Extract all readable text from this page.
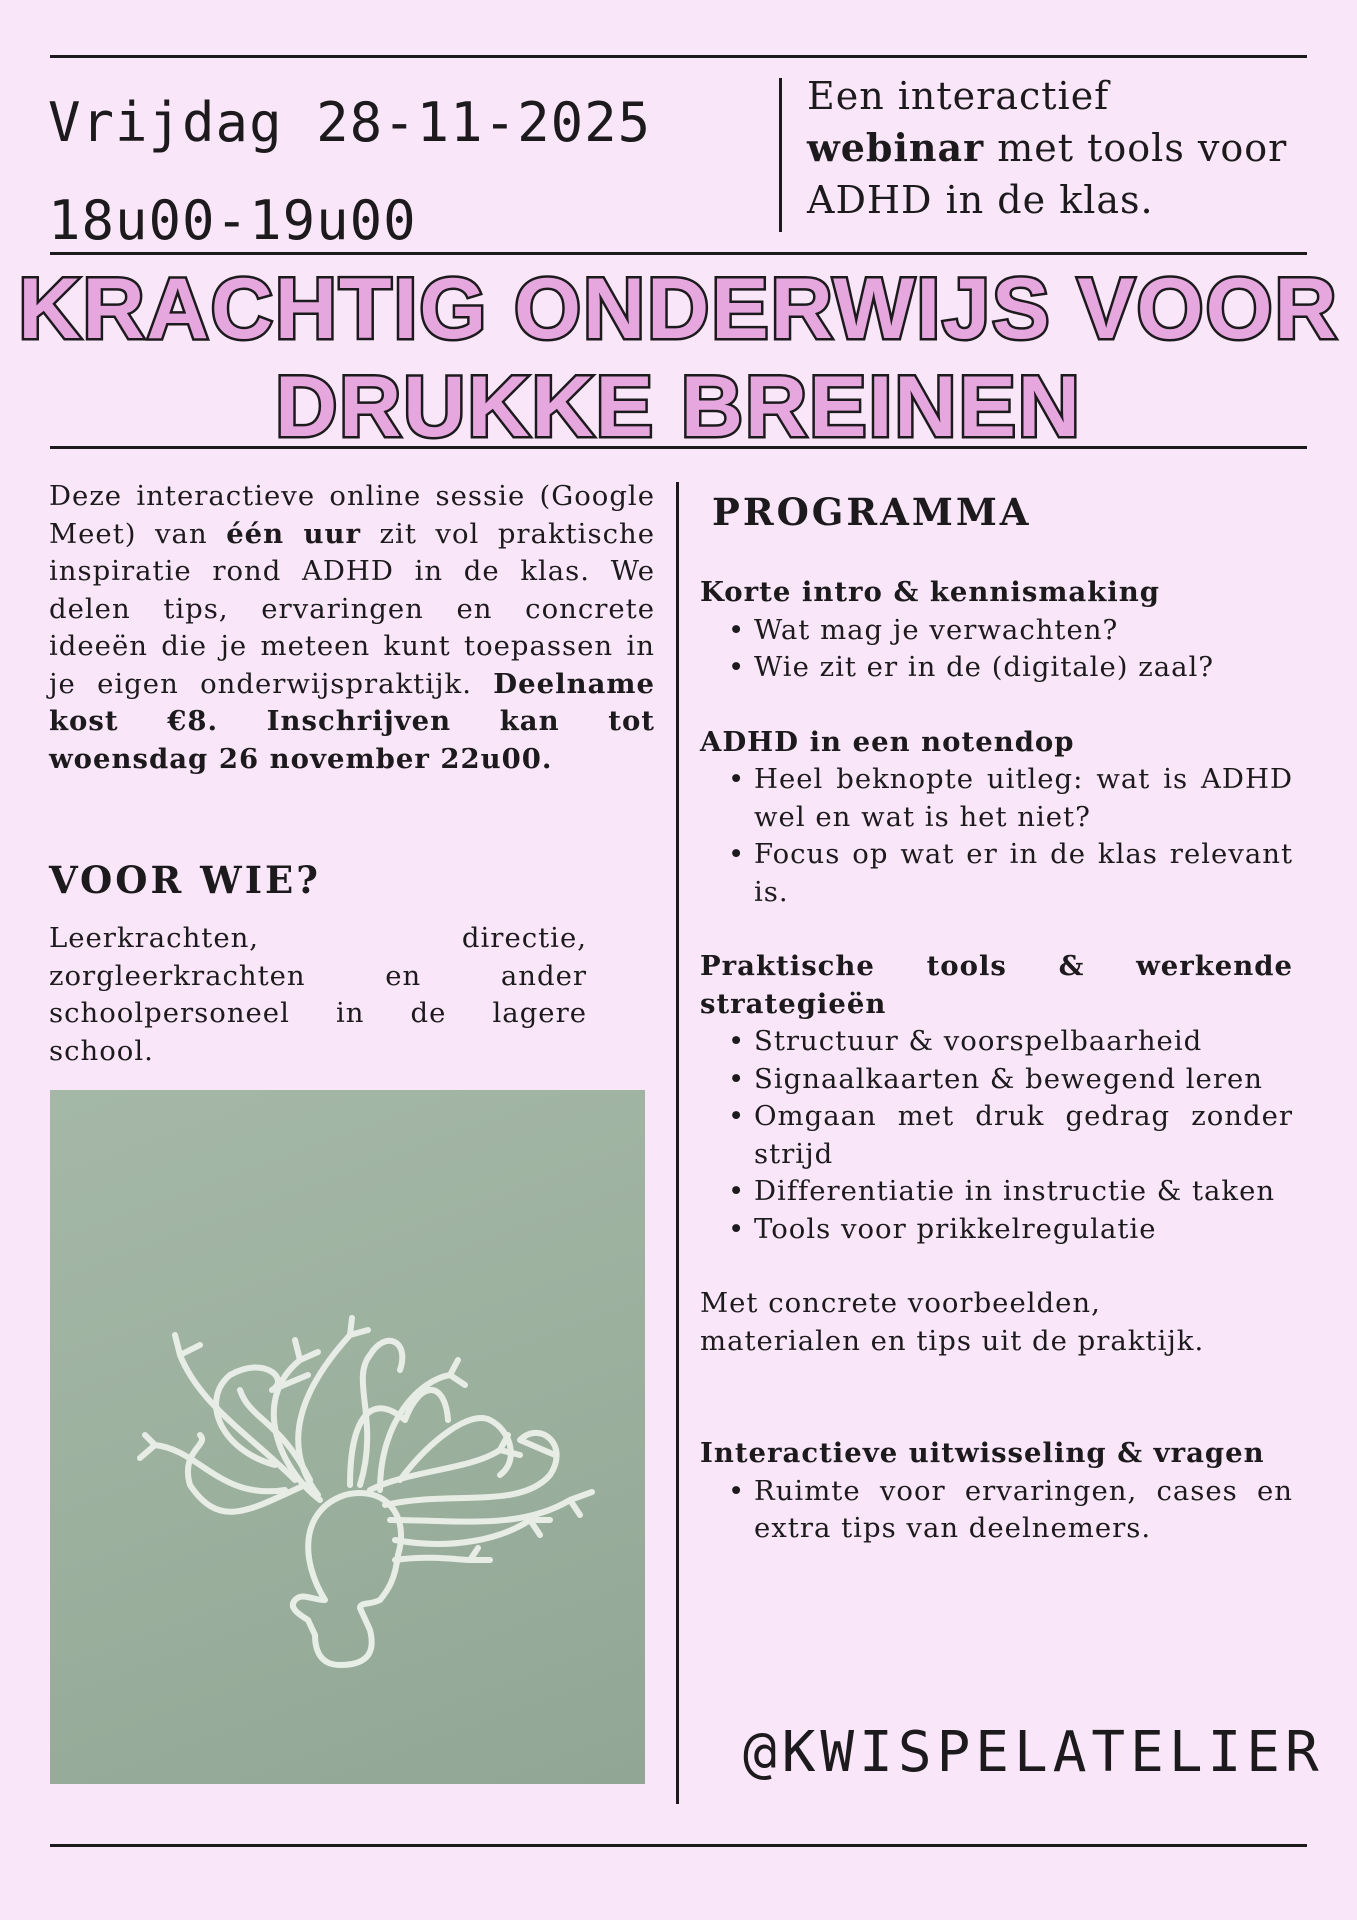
Vrijdag 28-11-2025
18u00-19u00
Een interactief
webinar met tools voor ADHD in de klas.
KRACHTIG ONDERWIJS VOOR
DRUKKE BREINEN

Deze interactieve online sessie (Google Meet) van één uur zit vol praktische inspiratie rond ADHD in de klas. We delen tips, ervaringen en concrete ideeën die je meteen kunt toepassen in je eigen onderwijspraktijk. Deelname kost €8. Inschrijven kan tot woensdag 26 november 22u00.

VOOR WIE?

Leerkrachten, directie, zorgleerkrachten en ander schoolpersoneel in de lagere school.

PROGRAMMA

Korte intro & kennismaking

• Wat mag je verwachten?
• Wie zit er in de (digitale) zaal?

ADHD in een notendop

• Heel beknopte uitleg: wat is ADHD wel en wat is het niet?
• Focus op wat er in de klas relevant is.

Praktische tools & werkende strategieën

• Structuur & voorspelbaarheid
• Signaalkaarten & bewegend leren
• Omgaan met druk gedrag zonder strijd
• Differentiatie in instructie & taken
• Tools voor prikkelregulatie

Met concrete voorbeelden, materialen en tips uit de praktijk.

Interactieve uitwisseling & vragen

• Ruimte voor ervaringen, cases en extra tips van deelnemers.
@KWISPELATELIER
